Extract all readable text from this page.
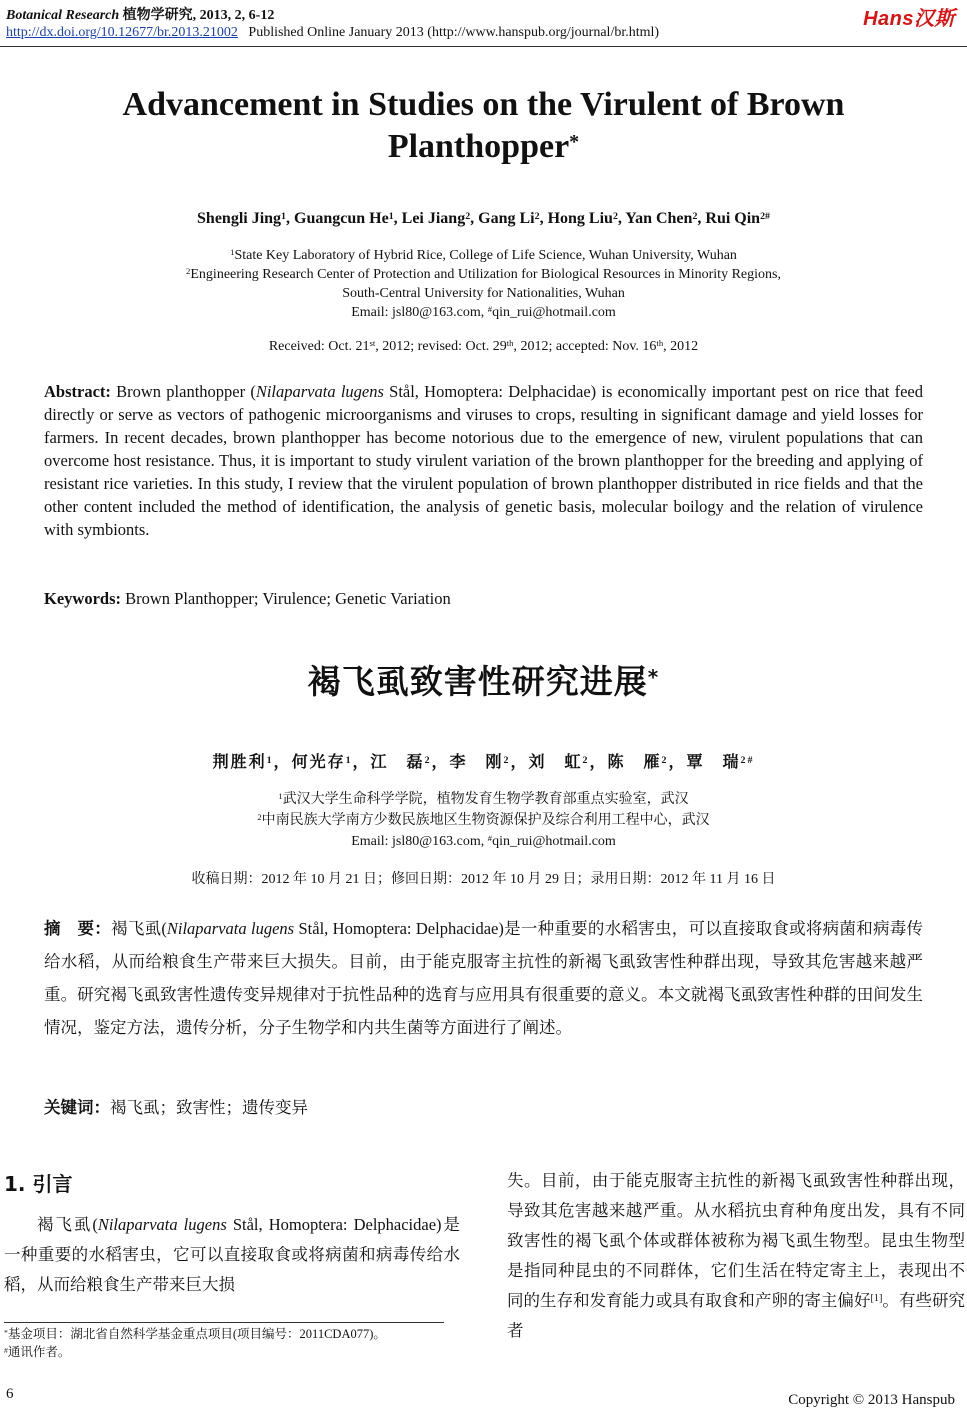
Botanical Research 植物学研究, 2013, 2, 6-12
http://dx.doi.org/10.12677/br.2013.21002 Published Online January 2013 (http://www.hanspub.org/journal/br.html)
Hans汉斯
Advancement in Studies on the Virulent of Brown Planthopper*
Shengli Jing$^1$, Guangcun He$^1$, Lei Jiang$^2$, Gang Li$^2$, Hong Liu$^2$, Yan Chen$^2$, Rui Qin$^{2\#}$
$^1$State Key Laboratory of Hybrid Rice, College of Life Science, Wuhan University, Wuhan
$^2$Engineering Research Center of Protection and Utilization for Biological Resources in Minority Regions,
South-Central University for Nationalities, Wuhan
Email: jsl80@163.com, #qin_rui@hotmail.com
Received: Oct. 21st, 2012; revised: Oct. 29th, 2012; accepted: Nov. 16th, 2012
Abstract: Brown planthopper (Nilaparvata lugens Stål, Homoptera: Delphacidae) is economically important pest on rice that feed directly or serve as vectors of pathogenic microorganisms and viruses to crops, resulting in significant damage and yield losses for farmers. In recent decades, brown planthopper has become notorious due to the emergence of new, virulent populations that can overcome host resistance. Thus, it is important to study virulent variation of the brown planthopper for the breeding and applying of resistant rice varieties. In this study, I review that the virulent population of brown planthopper distributed in rice fields and that the other content included the method of identification, the analysis of genetic basis, molecular boilogy and the relation of virulence with symbionts.
Keywords: Brown Planthopper; Virulence; Genetic Variation
褐飞虱致害性研究进展*
荆胜利$^1$，何光存$^1$，江　磊$^2$，李　刚$^2$，刘　虹$^2$，陈　雁$^2$，覃　瑞$^{2\#}$
$^1$武汉大学生命科学学院，植物发育生物学教育部重点实验室，武汉
$^2$中南民族大学南方少数民族地区生物资源保护及综合利用工程中心，武汉
Email: jsl80@163.com, #qin_rui@hotmail.com
收稿日期：2012 年 10 月 21 日；修回日期：2012 年 10 月 29 日；录用日期：2012 年 11 月 16 日
摘　要：褐飞虱(Nilaparvata lugens Stål, Homoptera: Delphacidae)是一种重要的水稻害虫，可以直接取食或将病菌和病毒传给水稻，从而给粮食生产带来巨大损失。目前，由于能克服寄主抗性的新褐飞虱致害性种群出现，导致其危害越来越严重。研究褐飞虱致害性遗传变异规律对于抗性品种的选育与应用具有很重要的意义。本文就褐飞虱致害性种群的田间发生情况，鉴定方法，遗传分析，分子生物学和内共生菌等方面进行了阐述。
关键词：褐飞虱；致害性；遗传变异
1. 引言
褐飞虱(Nilaparvata lugens Stål, Homoptera: Delphacidae)是一种重要的水稻害虫，它可以直接取食或将病菌和病毒传给水稻，从而给粮食生产带来巨大损
失。目前，由于能克服寄主抗性的新褐飞虱致害性种群出现，导致其危害越来越严重。从水稻抗虫育种角度出发，具有不同致害性的褐飞虱个体或群体被称为褐飞虱生物型。昆虫生物型是指同种昆虫的不同群体，它们生活在特定寄主上，表现出不同的生存和发育能力或具有取食和产卵的寄主偏好[1]。有些研究者
*基金项目：湖北省自然科学基金重点项目(项目编号：2011CDA077)。
#通讯作者。
6	Copyright © 2013 Hanspub
